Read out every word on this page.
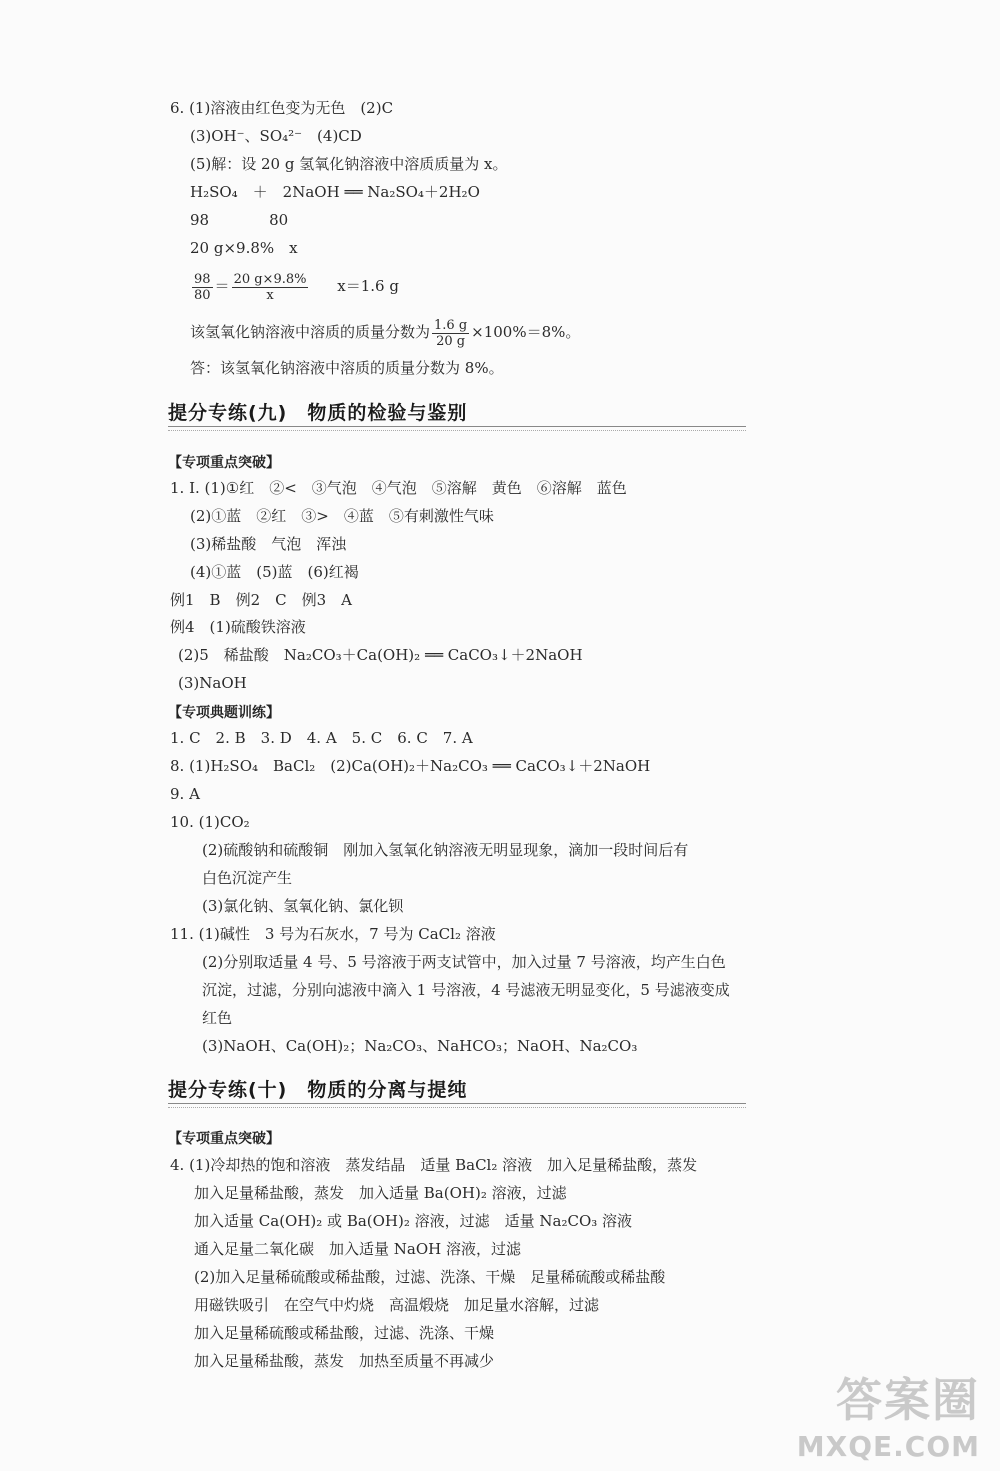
6. (1)溶液由红色变为无色　(2)C
(3)OH⁻、SO₄²⁻　(4)CD
(5)解：设 20 g 氢氧化钠溶液中溶质质量为 x。
H₂SO₄　＋　2NaOH ══ Na₂SO₄＋2H₂O
98　　　　80
20 g×9.8%　x
$\frac{98}{80} = \frac{20 g\times 9.8\%}{x} x=1.6$ g
该氢氧化钠溶液中溶质的质量分数为 $\frac{1.6 g}{20 g} \times 100\%=8\%$。
答：该氢氧化钠溶液中溶质的质量分数为 8%。
提分专练(九)　物质的检验与鉴别
【专项重点突破】
1. Ⅰ. (1)①红　②<　③气泡　④气泡　⑤溶解　黄色　⑥溶解　蓝色
(2)①蓝　②红　③>　④蓝　⑤有刺激性气味
(3)稀盐酸　气泡　浑浊
(4)①蓝　(5)蓝　(6)红褐
例1　B　例2　C　例3　A
例4　(1)硫酸铁溶液
(2)5　稀盐酸　Na₂CO₃＋Ca(OH)₂ ══ CaCO₃↓＋2NaOH
(3)NaOH
【专项典题训练】
1. C　2. B　3. D　4. A　5. C　6. C　7. A
8. (1)H₂SO₄　BaCl₂　(2)Ca(OH)₂＋Na₂CO₃ ══ CaCO₃↓＋2NaOH
9. A
10. (1)CO₂
(2)硫酸钠和硫酸铜　刚加入氢氧化钠溶液无明显现象，滴加一段时间后有
白色沉淀产生
(3)氯化钠、氢氧化钠、氯化钡
11. (1)碱性　3 号为石灰水，7 号为 CaCl₂ 溶液
(2)分别取适量 4 号、5 号溶液于两支试管中，加入过量 7 号溶液，均产生白色
沉淀，过滤，分别向滤液中滴入 1 号溶液，4 号滤液无明显变化，5 号滤液变成
红色
(3)NaOH、Ca(OH)₂；Na₂CO₃、NaHCO₃；NaOH、Na₂CO₃
提分专练(十)　物质的分离与提纯
【专项重点突破】
4. (1)冷却热的饱和溶液　蒸发结晶　适量 BaCl₂ 溶液　加入足量稀盐酸，蒸发
加入足量稀盐酸，蒸发　加入适量 Ba(OH)₂ 溶液，过滤
加入适量 Ca(OH)₂ 或 Ba(OH)₂ 溶液，过滤　适量 Na₂CO₃ 溶液
通入足量二氧化碳　加入适量 NaOH 溶液，过滤
(2)加入足量稀硫酸或稀盐酸，过滤、洗涤、干燥　足量稀硫酸或稀盐酸
用磁铁吸引　在空气中灼烧　高温煅烧　加足量水溶解，过滤
加入足量稀硫酸或稀盐酸，过滤、洗涤、干燥
加入足量稀盐酸，蒸发　加热至质量不再减少
答案圈
MXQE.COM
